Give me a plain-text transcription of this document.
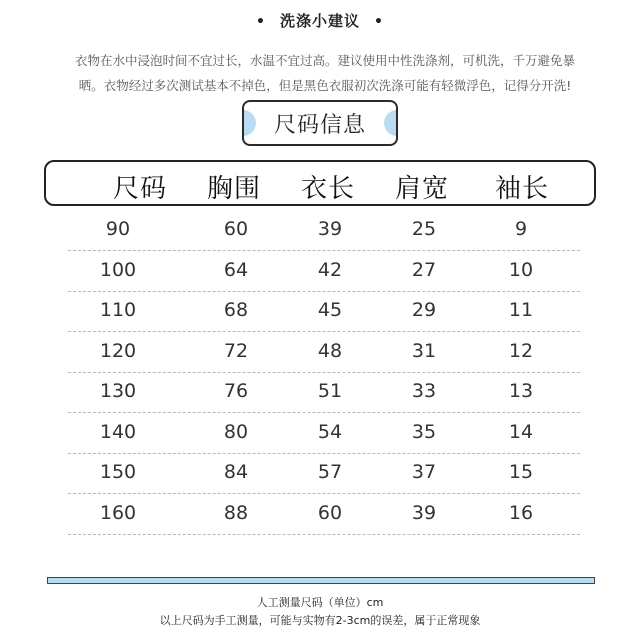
• 洗涤小建议 •
衣物在水中浸泡时间不宜过长，水温不宜过高。建议使用中性洗涤剂，可机洗，千万避免暴
晒。衣物经过多次测试基本不掉色，但是黑色衣服初次洗涤可能有轻微浮色，记得分开洗!
尺码信息
尺码	胸围	衣长	肩宽	袖长
90	60	39	25	9
100	64	42	27	10
110	68	45	29	11
120	72	48	31	12
130	76	51	33	13
140	80	54	35	14
150	84	57	37	15
160	88	60	39	16
人工测量尺码（单位）cm
以上尺码为手工测量，可能与实物有2-3cm的误差，属于正常现象
